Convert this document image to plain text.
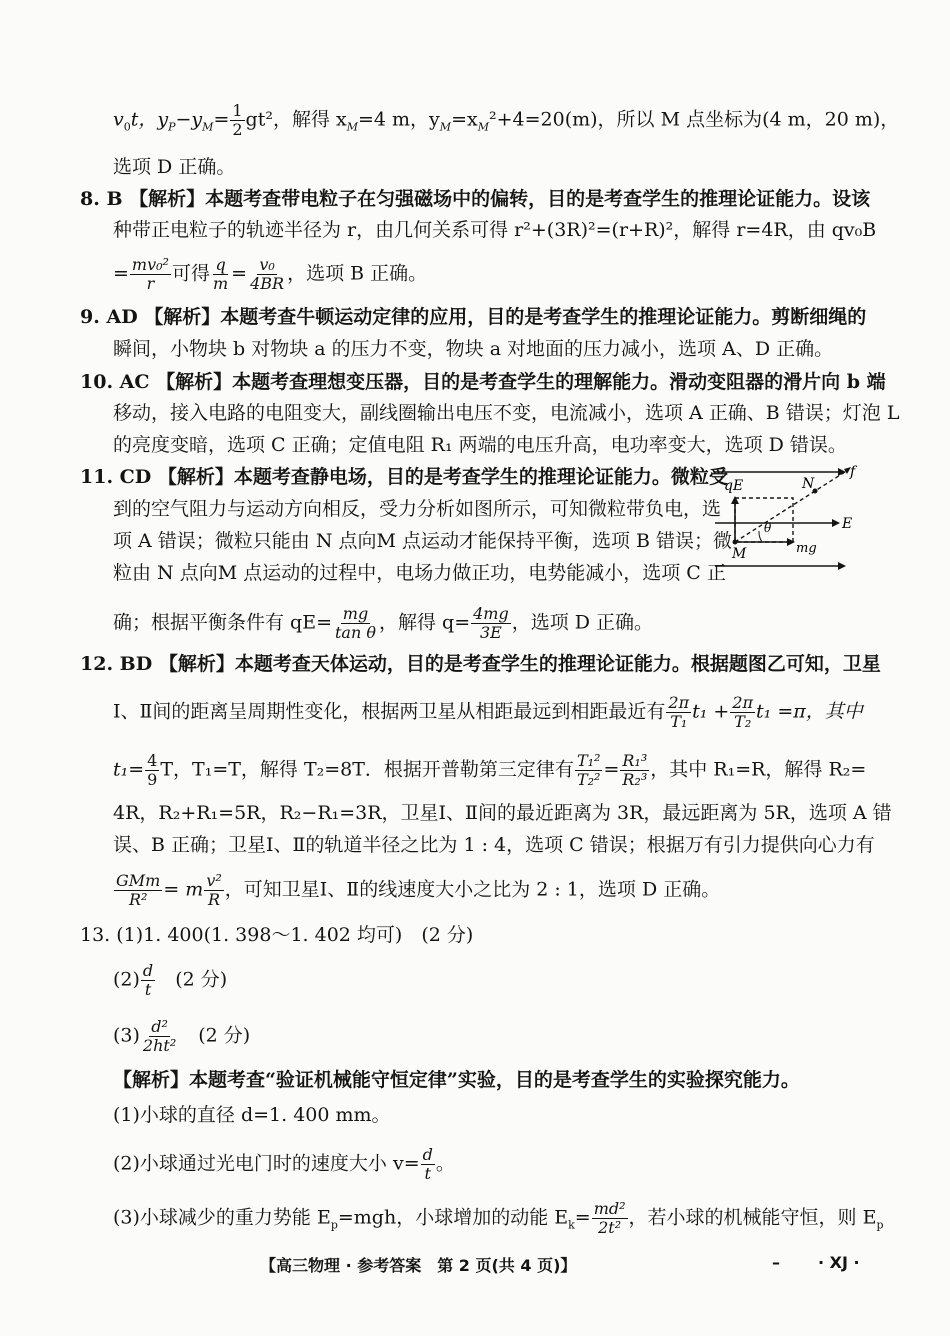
$v_0t$，$y_P-y_M= \frac{1}{2} gt^2$，解得 $x_M=4$ m，$y_M=x_M^2+4=20(m)$，所以 M 点坐标为(4 m，20 m)，
选项 D 正确。
8. B 【解析】本题考查带电粒子在匀强磁场中的偏转，目的是考查学生的推理论证能力。设该
种带正电粒子的轨迹半径为 r，由几何关系可得 r²+(3R)²=(r+R)²，解得 r=4R，由 qv₀B
= $\frac{\text{mv₀²}}{r}$ 可得 $\frac{q}{m} = \frac{\text{v₀}}{4BR}$ ，选项 B 正确。
9. AD 【解析】本题考查牛顿运动定律的应用，目的是考查学生的推理论证能力。剪断细绳的
瞬间，小物块 b 对物块 a 的压力不变，物块 a 对地面的压力减小，选项 A、D 正确。
10. AC 【解析】本题考查理想变压器，目的是考查学生的理解能力。滑动变阻器的滑片向 b 端
移动，接入电路的电阻变大，副线圈输出电压不变，电流减小，选项 A 正确、B 错误；灯泡 L
的亮度变暗，选项 C 正确；定值电阻 R₁ 两端的电压升高，电功率变大，选项 D 错误。
11. CD 【解析】本题考查静电场，目的是考查学生的推理论证能力。微粒受
到的空气阻力与运动方向相反，受力分析如图所示，可知微粒带负电，选
项 A 错误；微粒只能由 N 点向M 点运动才能保持平衡，选项 B 错误；微
粒由 N 点向M 点运动的过程中，电场力做正功，电势能减小，选项 C 正
确；根据平衡条件有 $qE= \frac{mg}{\text{tan θ}}$ ，解得 $q= \frac{4mg}{3E}$ ，选项 D 正确。
qE	N
f
θ	E
M	mg
12. BD 【解析】本题考查天体运动，目的是考查学生的推理论证能力。根据题图乙可知，卫星
Ⅰ、Ⅱ间的距离呈周期性变化，根据两卫星从相距最远到相距最近有 $\frac{2\pi}{\text{T₁}} t_1 + \frac{2\pi}{\text{T₂}} t_1 =\pi$，其中
$t_1= \frac{4}{9}$ T，T₁=T，解得 T₂=8T．根据开普勒第三定律有 $\frac{\text{T₁²}}{\text{T₂²}} = \frac{\text{R₁³}}{\text{R₂³}}$ ，其中 R₁=R，解得 R₂=
4R，R₂+R₁=5R，R₂−R₁=3R，卫星Ⅰ、Ⅱ间的最近距离为 3R，最远距离为 5R，选项 A 错
误、B 正确；卫星Ⅰ、Ⅱ的轨道半径之比为 1 : 4，选项 C 错误；根据万有引力提供向心力有
$\frac{\text{GMm}}{\text{R²}} = m \frac{\text{v²}}{R}$ ，可知卫星Ⅰ、Ⅱ的线速度大小之比为 2 : 1，选项 D 正确。
13. (1)1. 400(1. 398～1. 402 均可)　(2 分)
$(2) \frac{d}{t}$
　 (2 分)
$(3) \frac{\text{d²}}{\text{2ht²}}$
　 (2 分)
【解析】本题考查“验证机械能守恒定律”实验，目的是考查学生的实验探究能力。
(1)小球的直径 d=1. 400 mm。
(2)小球通过光电门时的速度大小 $v= \frac{d}{t}$ 。
(3)小球减少的重力势能 $E_p=mgh$，小球增加的动能 $E_k= \frac{\text{md²}}{\text{2t²}}$ ，若小球的机械能守恒，则 $E_p$
【高三物理 · 参考答案　第 2 页(共 4 页)】	– · XJ ·
